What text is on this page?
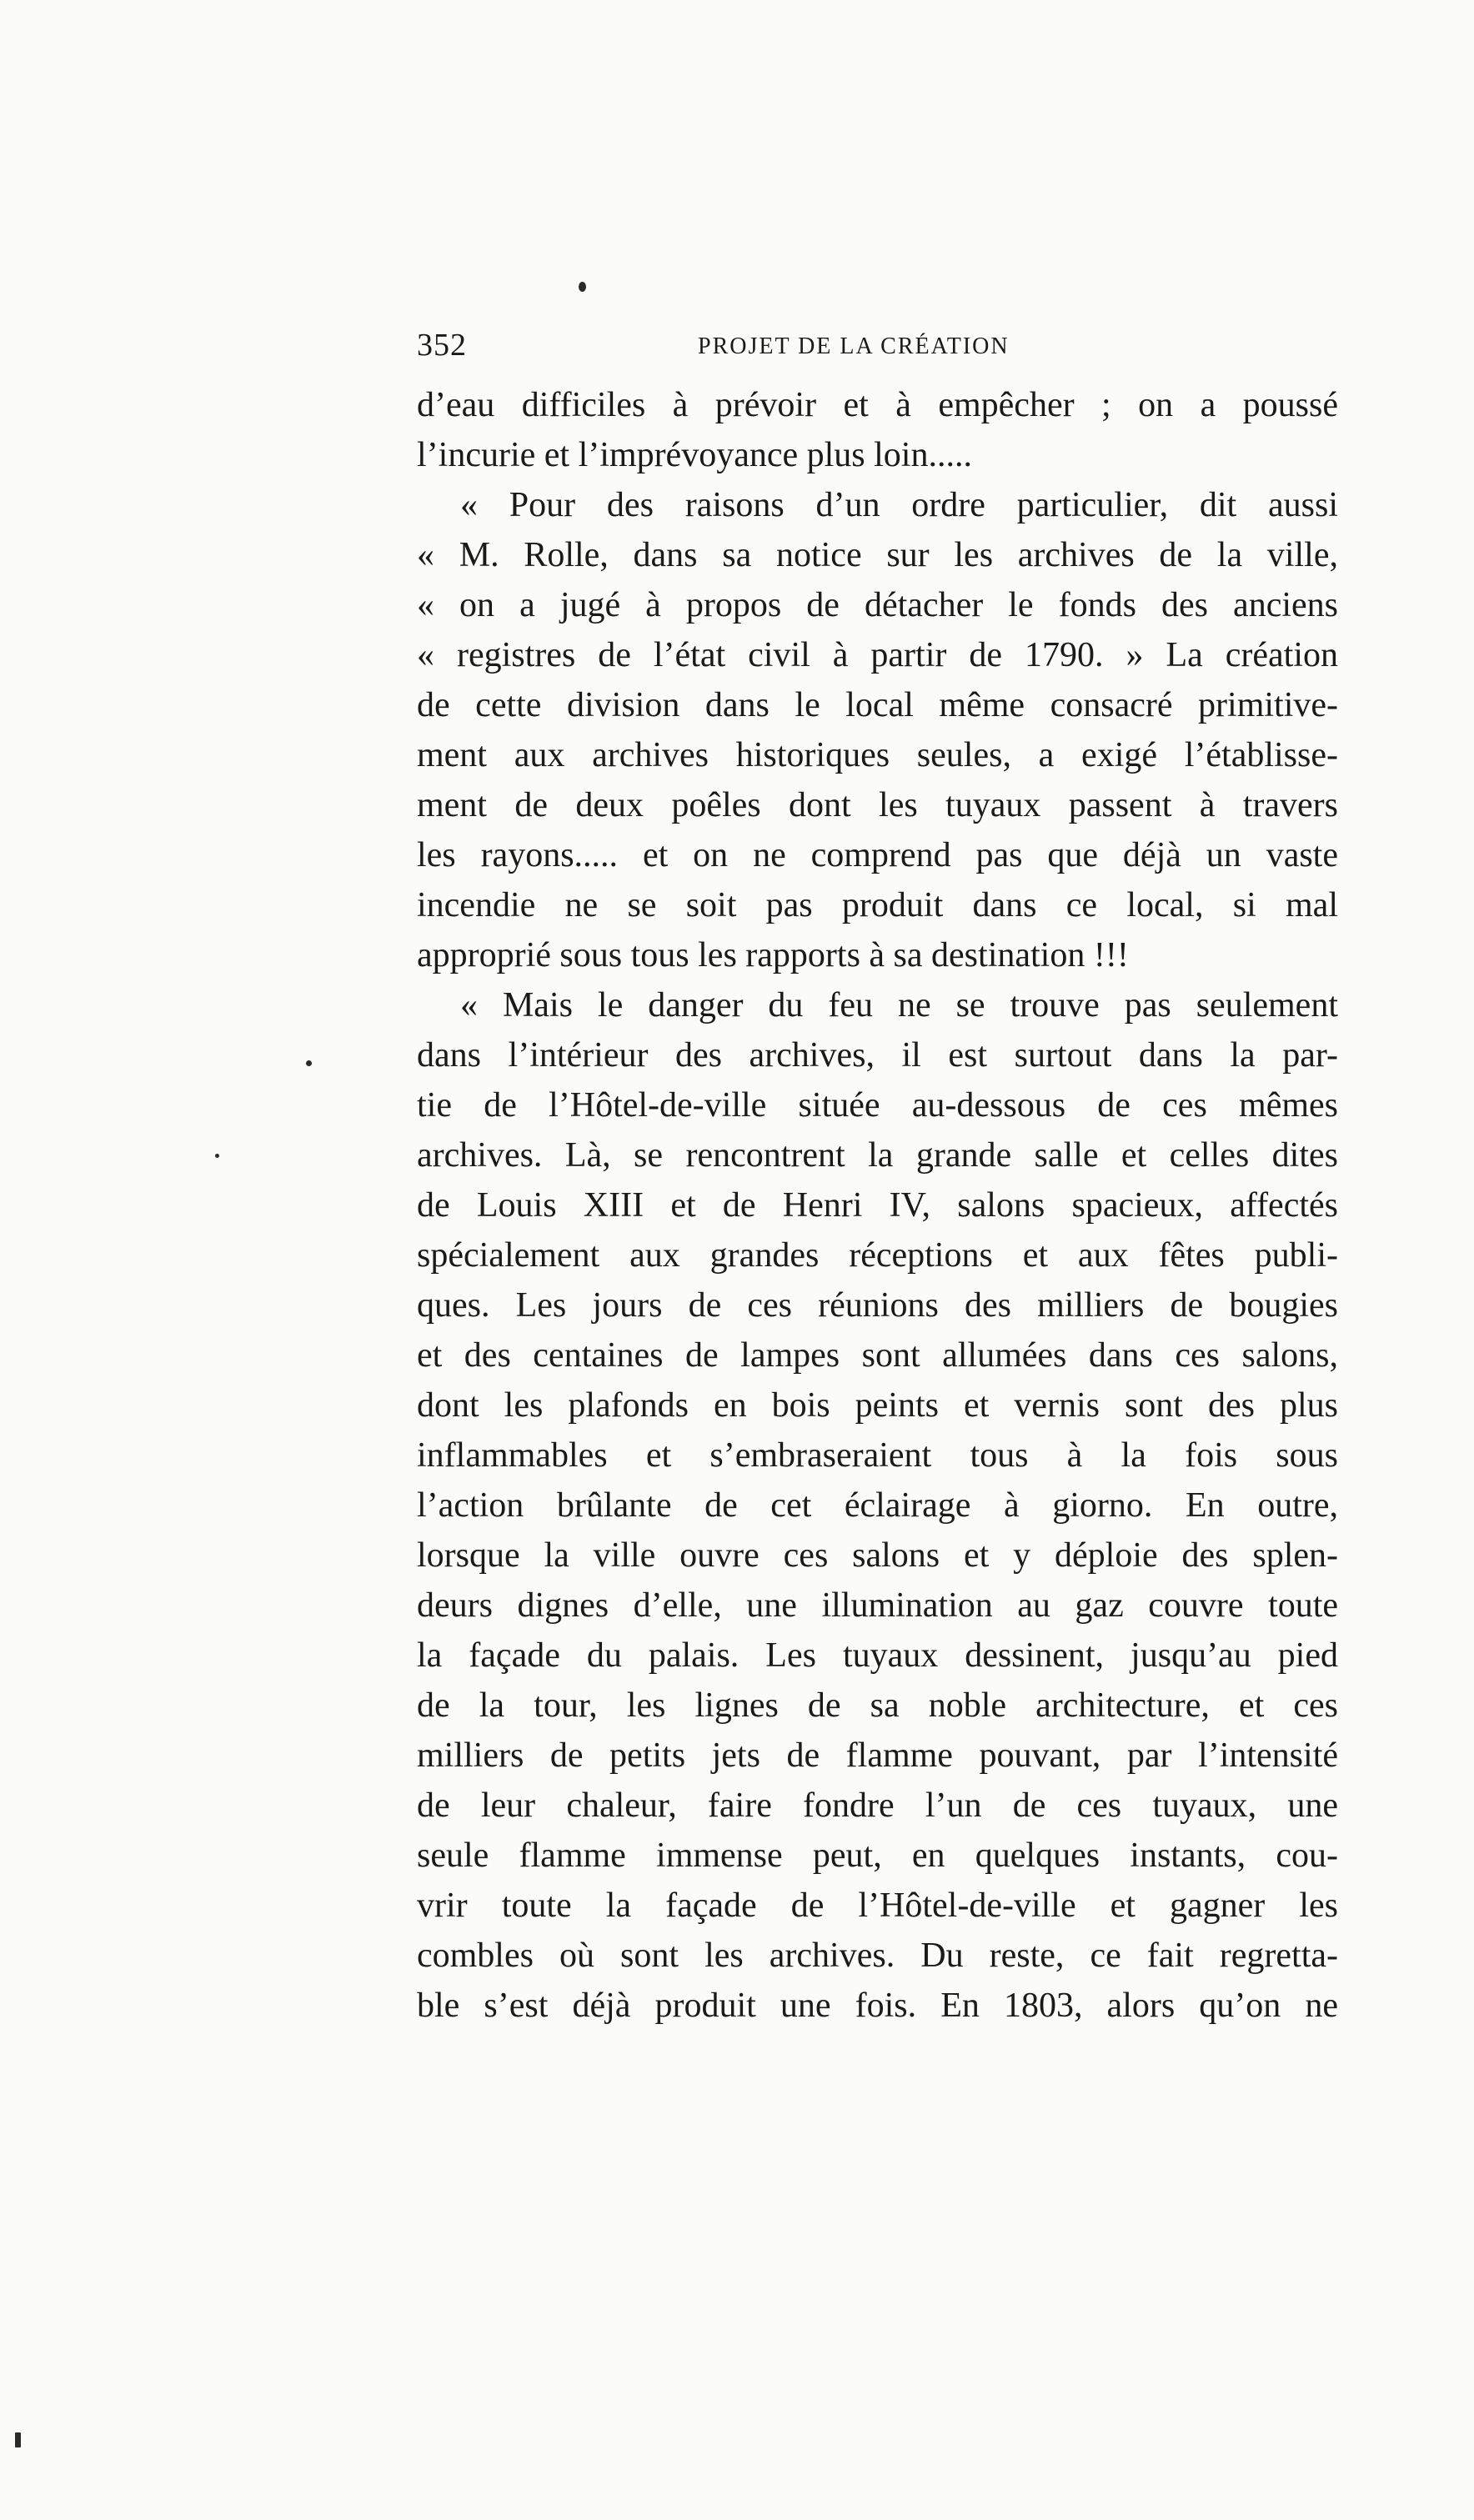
352	PROJET DE LA CRÉATION
d’eau difficiles à prévoir et à empêcher ; on a poussé
l’incurie et l’imprévoyance plus loin.....
« Pour des raisons d’un ordre particulier, dit aussi
« M. Rolle, dans sa notice sur les archives de la ville,
« on a jugé à propos de détacher le fonds des anciens
« registres de l’état civil à partir de 1790. » La création
de cette division dans le local même consacré primitive-
ment aux archives historiques seules, a exigé l’établisse-
ment de deux poêles dont les tuyaux passent à travers
les rayons..... et on ne comprend pas que déjà un vaste
incendie ne se soit pas produit dans ce local, si mal
approprié sous tous les rapports à sa destination !!!
« Mais le danger du feu ne se trouve pas seulement
dans l’intérieur des archives, il est surtout dans la par-
tie de l’Hôtel-de-ville située au-dessous de ces mêmes
archives. Là, se rencontrent la grande salle et celles dites
de Louis XIII et de Henri IV, salons spacieux, affectés
spécialement aux grandes réceptions et aux fêtes publi-
ques. Les jours de ces réunions des milliers de bougies
et des centaines de lampes sont allumées dans ces salons,
dont les plafonds en bois peints et vernis sont des plus
inflammables et s’embraseraient tous à la fois sous
l’action brûlante de cet éclairage à giorno. En outre,
lorsque la ville ouvre ces salons et y déploie des splen-
deurs dignes d’elle, une illumination au gaz couvre toute
la façade du palais. Les tuyaux dessinent, jusqu’au pied
de la tour, les lignes de sa noble architecture, et ces
milliers de petits jets de flamme pouvant, par l’intensité
de leur chaleur, faire fondre l’un de ces tuyaux, une
seule flamme immense peut, en quelques instants, cou-
vrir toute la façade de l’Hôtel-de-ville et gagner les
combles où sont les archives. Du reste, ce fait regretta-
ble s’est déjà produit une fois. En 1803, alors qu’on ne
